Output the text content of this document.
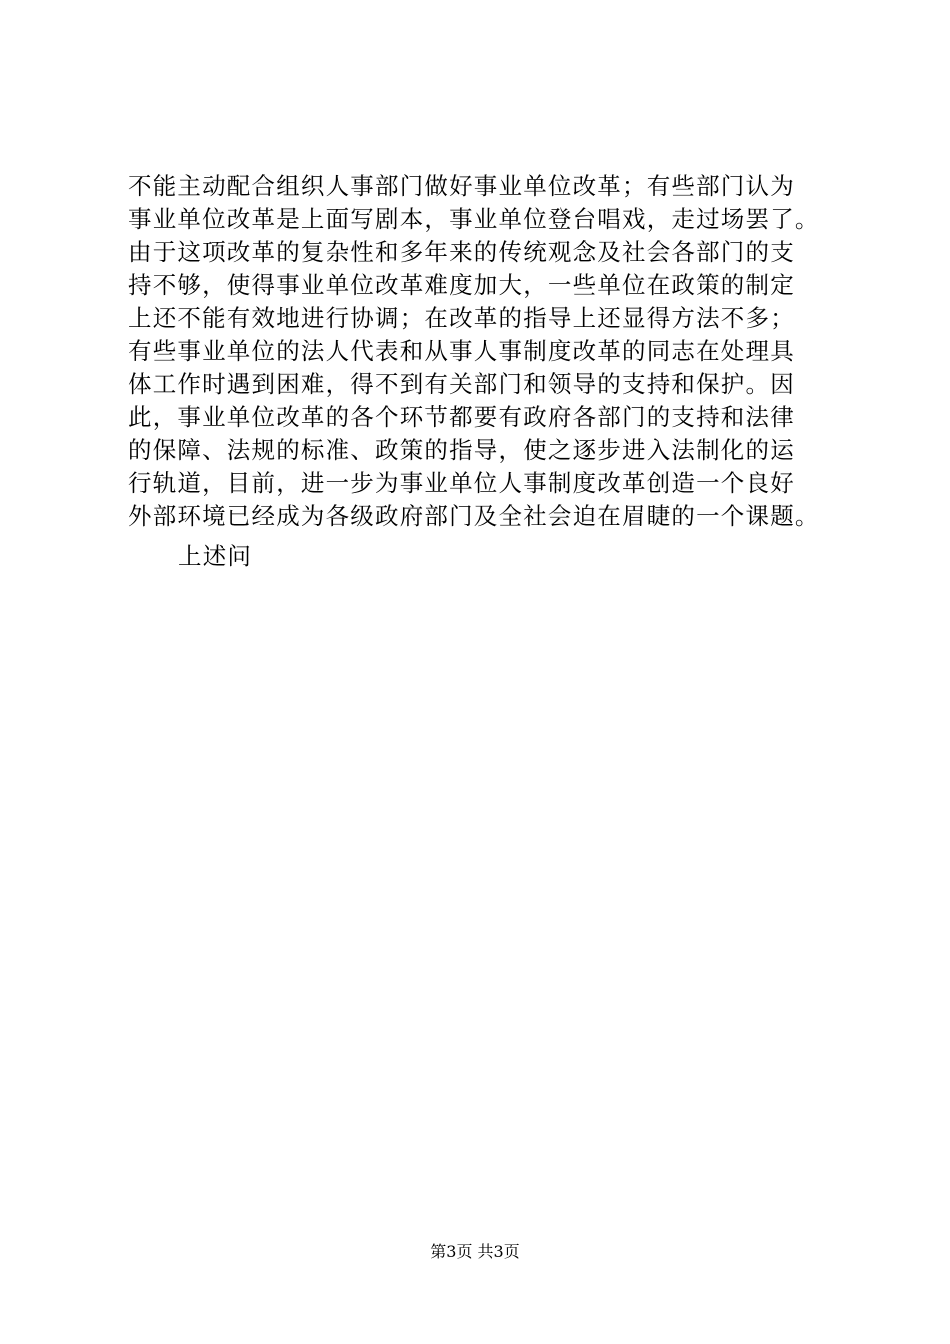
不能主动配合组织人事部门做好事业单位改革；有些部门认为
事业单位改革是上面写剧本，事业单位登台唱戏，走过场罢了。
由于这项改革的复杂性和多年来的传统观念及社会各部门的支
持不够，使得事业单位改革难度加大，一些单位在政策的制定
上还不能有效地进行协调；在改革的指导上还显得方法不多；
有些事业单位的法人代表和从事人事制度改革的同志在处理具
体工作时遇到困难，得不到有关部门和领导的支持和保护。因
此，事业单位改革的各个环节都要有政府各部门的支持和法律
的保障、法规的标准、政策的指导，使之逐步进入法制化的运
行轨道，目前，进一步为事业单位人事制度改革创造一个良好
外部环境已经成为各级政府部门及全社会迫在眉睫的一个课题。
上述问
第3页 共3页
